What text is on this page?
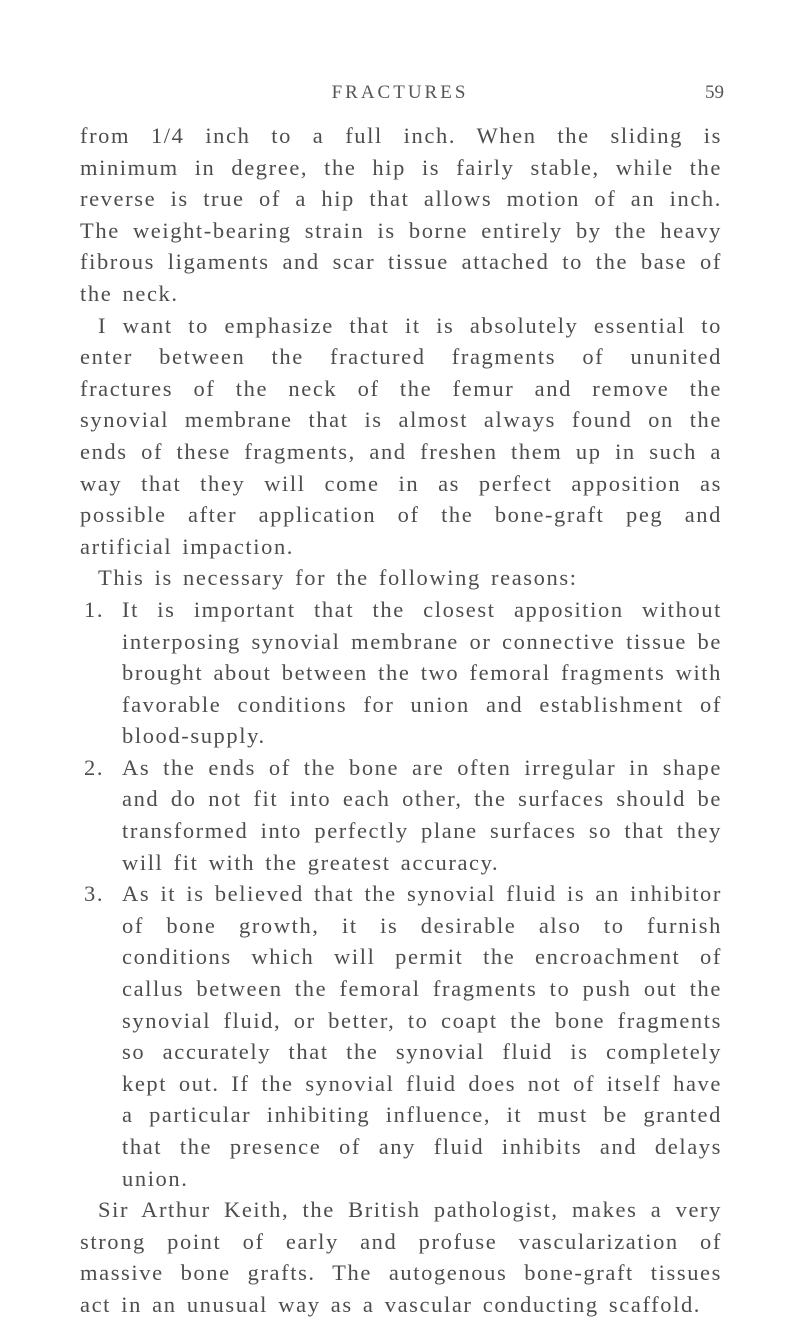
FRACTURES	59

from 1/4 inch to a full inch. When the sliding is minimum in degree, the hip is fairly stable, while the reverse is true of a hip that allows motion of an inch. The weight-bearing strain is borne entirely by the heavy fibrous ligaments and scar tissue attached to the base of the neck.

I want to emphasize that it is absolutely essential to enter between the fractured fragments of ununited fractures of the neck of the femur and remove the synovial membrane that is almost always found on the ends of these fragments, and freshen them up in such a way that they will come in as perfect apposition as possible after application of the bone-graft peg and artificial impaction.

This is necessary for the following reasons:

1. It is important that the closest apposition without interposing synovial membrane or connective tissue be brought about between the two femoral fragments with favorable conditions for union and establishment of blood-supply.
2. As the ends of the bone are often irregular in shape and do not fit into each other, the surfaces should be transformed into perfectly plane surfaces so that they will fit with the greatest accuracy.
3. As it is believed that the synovial fluid is an inhibitor of bone growth, it is desirable also to furnish conditions which will permit the encroachment of callus between the femoral fragments to push out the synovial fluid, or better, to coapt the bone fragments so accurately that the synovial fluid is completely kept out. If the synovial fluid does not of itself have a particular inhibiting influence, it must be granted that the presence of any fluid inhibits and delays union.

Sir Arthur Keith, the British pathologist, makes a very strong point of early and profuse vascularization of massive bone grafts. The autogenous bone-graft tissues act in an unusual way as a vascular conducting scaffold.
